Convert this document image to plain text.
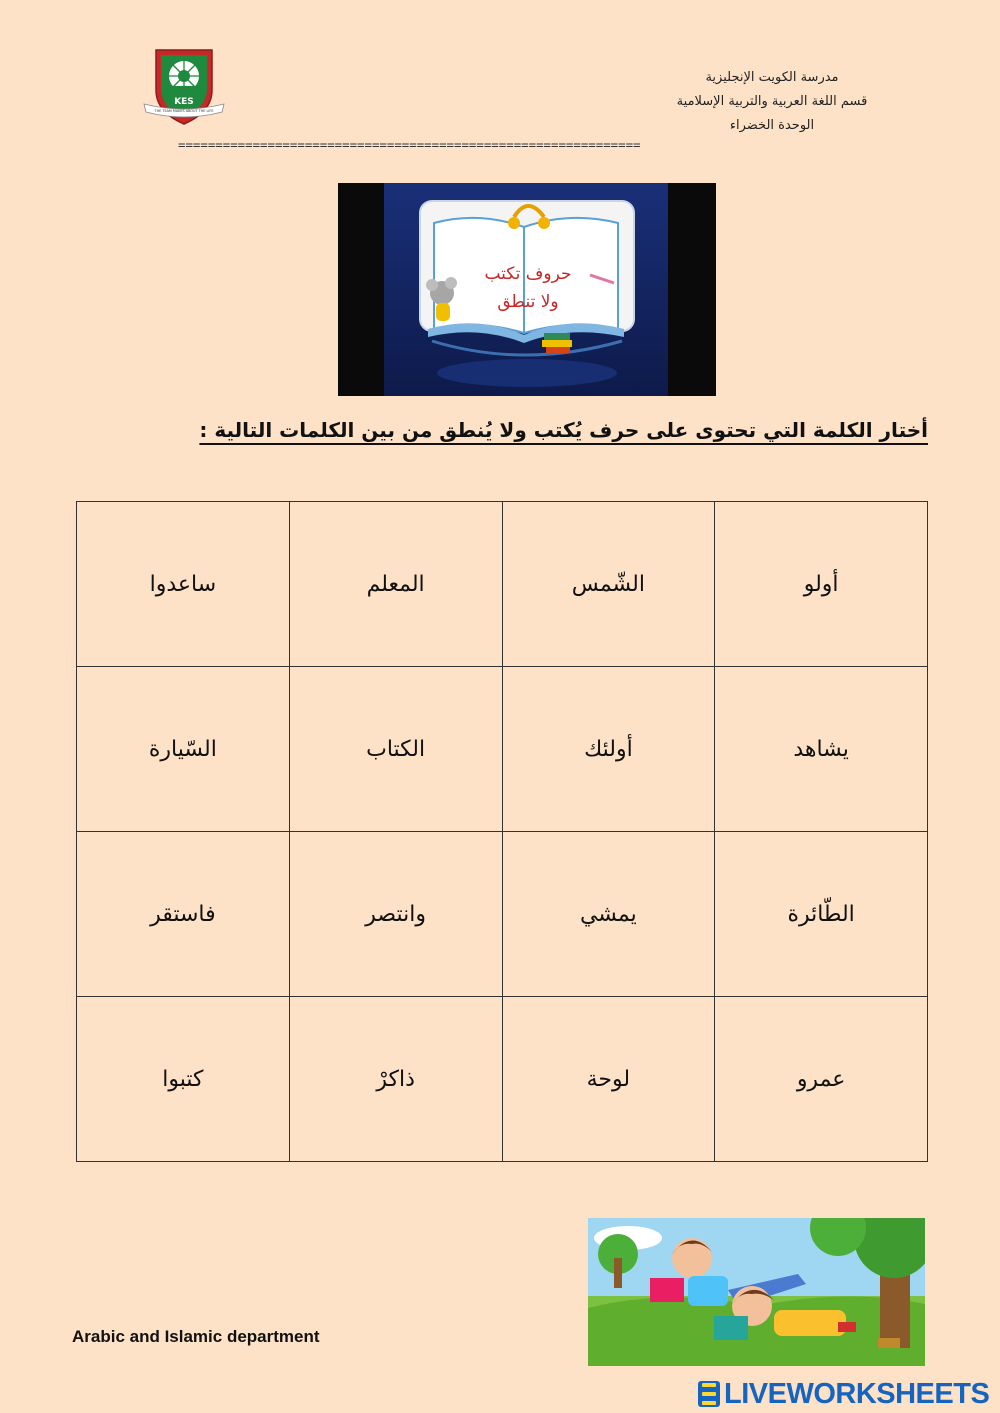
THE TEAM MAKES ABOUT THE LIFE
KES
مدرسة الكويت الإنجليزية
قسم اللغة العربية والتربية الإسلامية
الوحدة الخضراء
==============================================================
حروف تكتب
ولا تنطق
أختار الكلمة التي تحتوى على حرف يُكتب ولا يُنطق من بين الكلمات التالية :
أولو	الشّمس	المعلم	ساعدوا
يشاهد	أولئك	الكتاب	السّيارة
الطّائرة	يمشي	وانتصر	فاستقر
عمرو	لوحة	ذاكرْ	كتبوا
Arabic and Islamic department
LIVEWORKSHEETS
